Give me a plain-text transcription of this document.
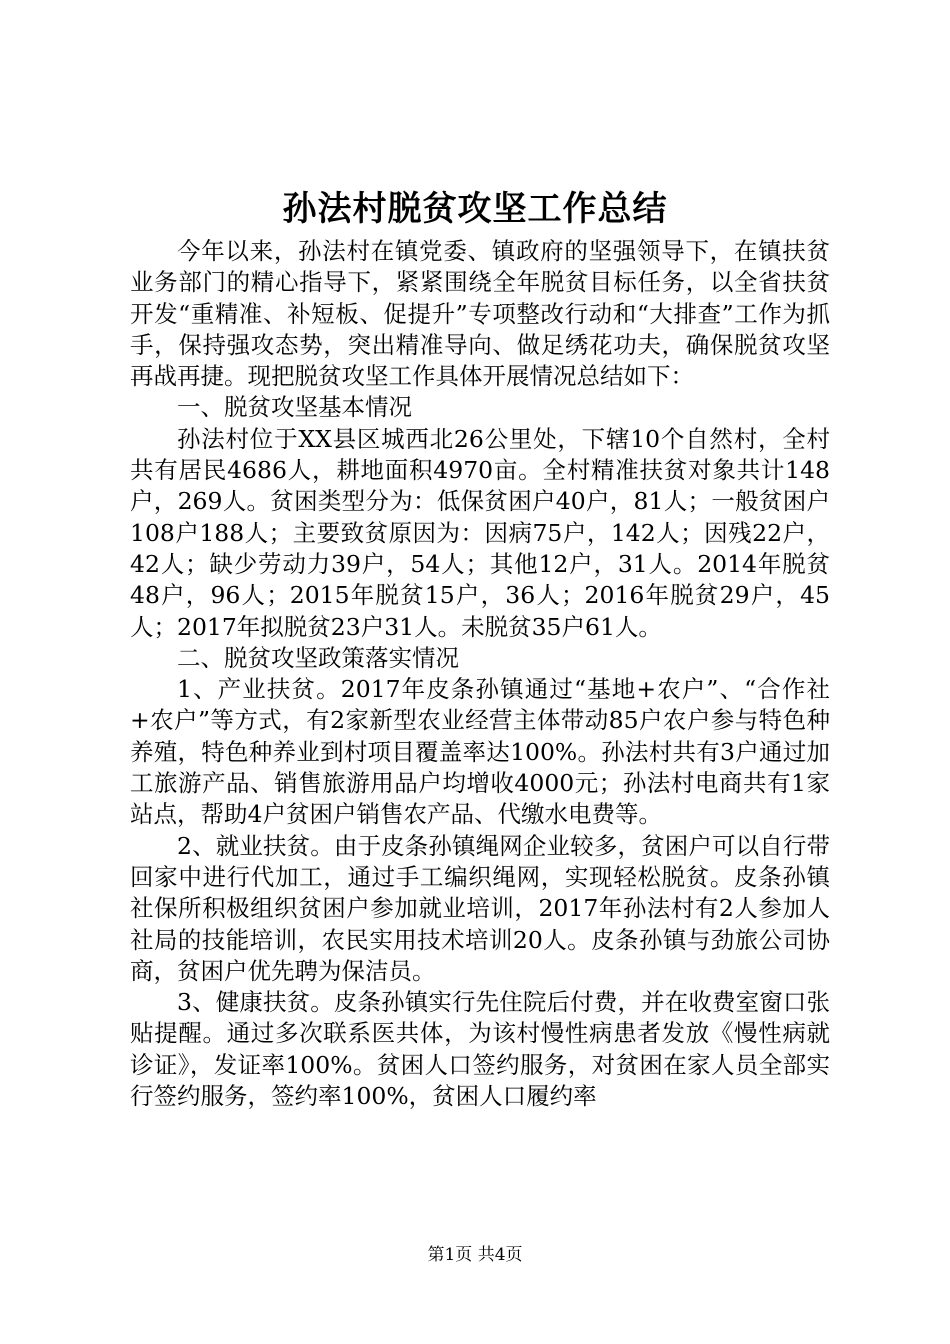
孙法村脱贫攻坚工作总结

今年以来，孙法村在镇党委、镇政府的坚强领导下，在镇扶贫业务部门的精心指导下，紧紧围绕全年脱贫目标任务，以全省扶贫开发“重精准、补短板、促提升”专项整改行动和“大排查”工作为抓手，保持强攻态势，突出精准导向、做足绣花功夫，确保脱贫攻坚再战再捷。现把脱贫攻坚工作具体开展情况总结如下：

一、脱贫攻坚基本情况

孙法村位于XX县区城西北26公里处，下辖10个自然村，全村共有居民4686人，耕地面积4970亩。全村精准扶贫对象共计148户，269人。贫困类型分为：低保贫困户40户，81人；一般贫困户108户188人；主要致贫原因为：因病75户，142人；因残22户，42人；缺少劳动力39户，54人；其他12户，31人。2014年脱贫48户，96人；2015年脱贫15户，36人；2016年脱贫29户，45人；2017年拟脱贫23户31人。未脱贫35户61人。

二、脱贫攻坚政策落实情况

1、产业扶贫。2017年皮条孙镇通过“基地+农户”、“合作社+农户”等方式，有2家新型农业经营主体带动85户农户参与特色种养殖，特色种养业到村项目覆盖率达100%。孙法村共有3户通过加工旅游产品、销售旅游用品户均增收4000元；孙法村电商共有1家站点，帮助4户贫困户销售农产品、代缴水电费等。

2、就业扶贫。由于皮条孙镇绳网企业较多，贫困户可以自行带回家中进行代加工，通过手工编织绳网，实现轻松脱贫。皮条孙镇社保所积极组织贫困户参加就业培训，2017年孙法村有2人参加人社局的技能培训，农民实用技术培训20人。皮条孙镇与劲旅公司协商，贫困户优先聘为保洁员。

3、健康扶贫。皮条孙镇实行先住院后付费，并在收费室窗口张贴提醒。通过多次联系医共体，为该村慢性病患者发放《慢性病就诊证》，发证率100%。贫困人口签约服务，对贫困在家人员全部实行签约服务，签约率100%，贫困人口履约率

第1页 共4页
